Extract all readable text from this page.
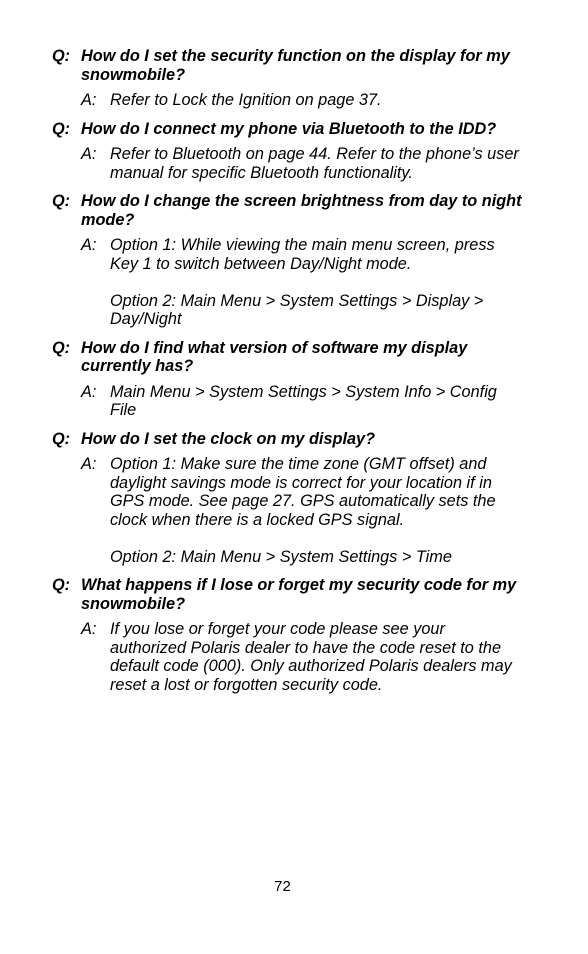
Q: How do I set the security function on the display for my snowmobile?
A: Refer to Lock the Ignition on page 37.
Q: How do I connect my phone via Bluetooth to the IDD?
A: Refer to Bluetooth on page 44. Refer to the phone’s user manual for specific Bluetooth functionality.
Q: How do I change the screen brightness from day to night mode?
A: Option 1: While viewing the main menu screen, press Key 1 to switch between Day/Night mode.
Option 2: Main Menu > System Settings > Display > Day/Night
Q: How do I find what version of software my display currently has?
A: Main Menu > System Settings > System Info > Config File
Q: How do I set the clock on my display?
A: Option 1: Make sure the time zone (GMT offset) and daylight savings mode is correct for your location if in GPS mode. See page 27. GPS automatically sets the clock when there is a locked GPS signal.
Option 2: Main Menu > System Settings > Time
Q: What happens if I lose or forget my security code for my snowmobile?
A: If you lose or forget your code please see your authorized Polaris dealer to have the code reset to the default code (000). Only authorized Polaris dealers may reset a lost or forgotten security code.
72
